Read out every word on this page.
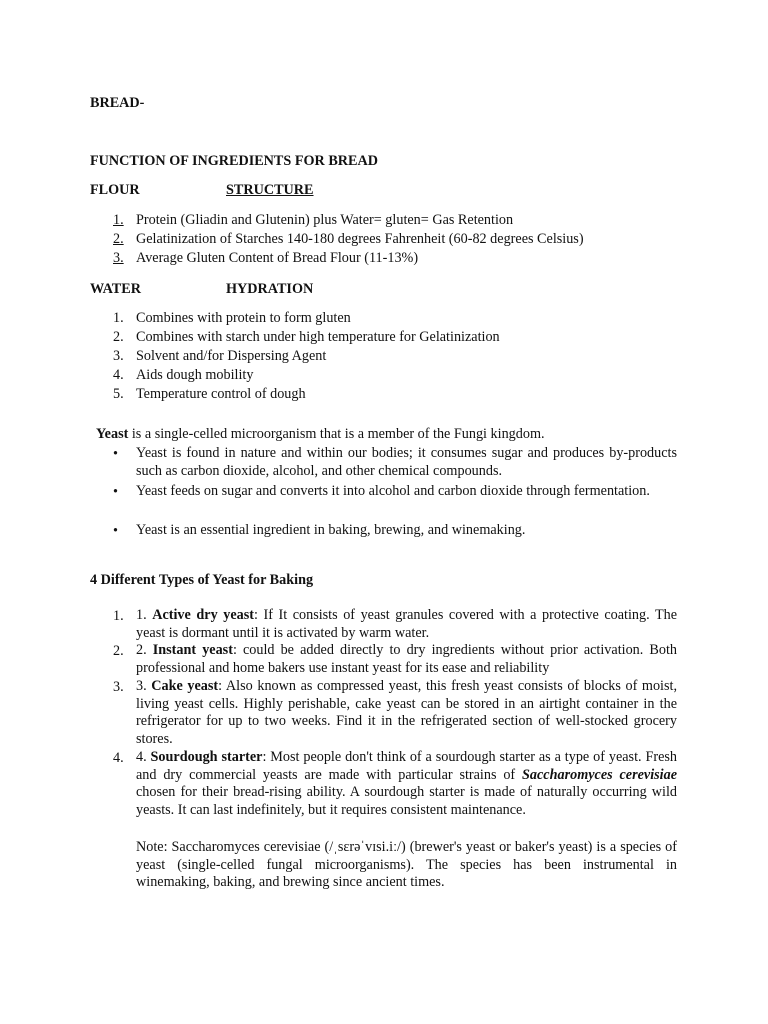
BREAD-
FUNCTION OF INGREDIENTS FOR BREAD
FLOUR	STRUCTURE
1. Protein (Gliadin and Glutenin) plus Water= gluten= Gas Retention
2. Gelatinization of Starches 140-180 degrees Fahrenheit (60-82 degrees Celsius)
3. Average Gluten Content of Bread Flour (11-13%)
WATER	HYDRATION
1. Combines with protein to form gluten
2. Combines with starch under high temperature for Gelatinization
3. Solvent and/for Dispersing Agent
4. Aids dough mobility
5. Temperature control of dough
Yeast is a single-celled microorganism that is a member of the Fungi kingdom.
• Yeast is found in nature and within our bodies; it consumes sugar and produces by-products such as carbon dioxide, alcohol, and other chemical compounds.
• Yeast feeds on sugar and converts it into alcohol and carbon dioxide through fermentation.
• Yeast is an essential ingredient in baking, brewing, and winemaking.
4 Different Types of Yeast for Baking
1. 1. Active dry yeast: If It consists of yeast granules covered with a protective coating. The yeast is dormant until it is activated by warm water.
2. 2. Instant yeast: could be added directly to dry ingredients without prior activation. Both professional and home bakers use instant yeast for its ease and reliability
3. 3. Cake yeast: Also known as compressed yeast, this fresh yeast consists of blocks of moist, living yeast cells. Highly perishable, cake yeast can be stored in an airtight container in the refrigerator for up to two weeks. Find it in the refrigerated section of well-stocked grocery stores.
4. 4. Sourdough starter: Most people don't think of a sourdough starter as a type of yeast. Fresh and dry commercial yeasts are made with particular strains of Saccharomyces cerevisiae chosen for their bread-rising ability. A sourdough starter is made of naturally occurring wild yeasts. It can last indefinitely, but it requires consistent maintenance.
Note: Saccharomyces cerevisiae (/ˌsɛrəˈvɪsi.iː/) (brewer's yeast or baker's yeast) is a species of yeast (single-celled fungal microorganisms). The species has been instrumental in winemaking, baking, and brewing since ancient times.
